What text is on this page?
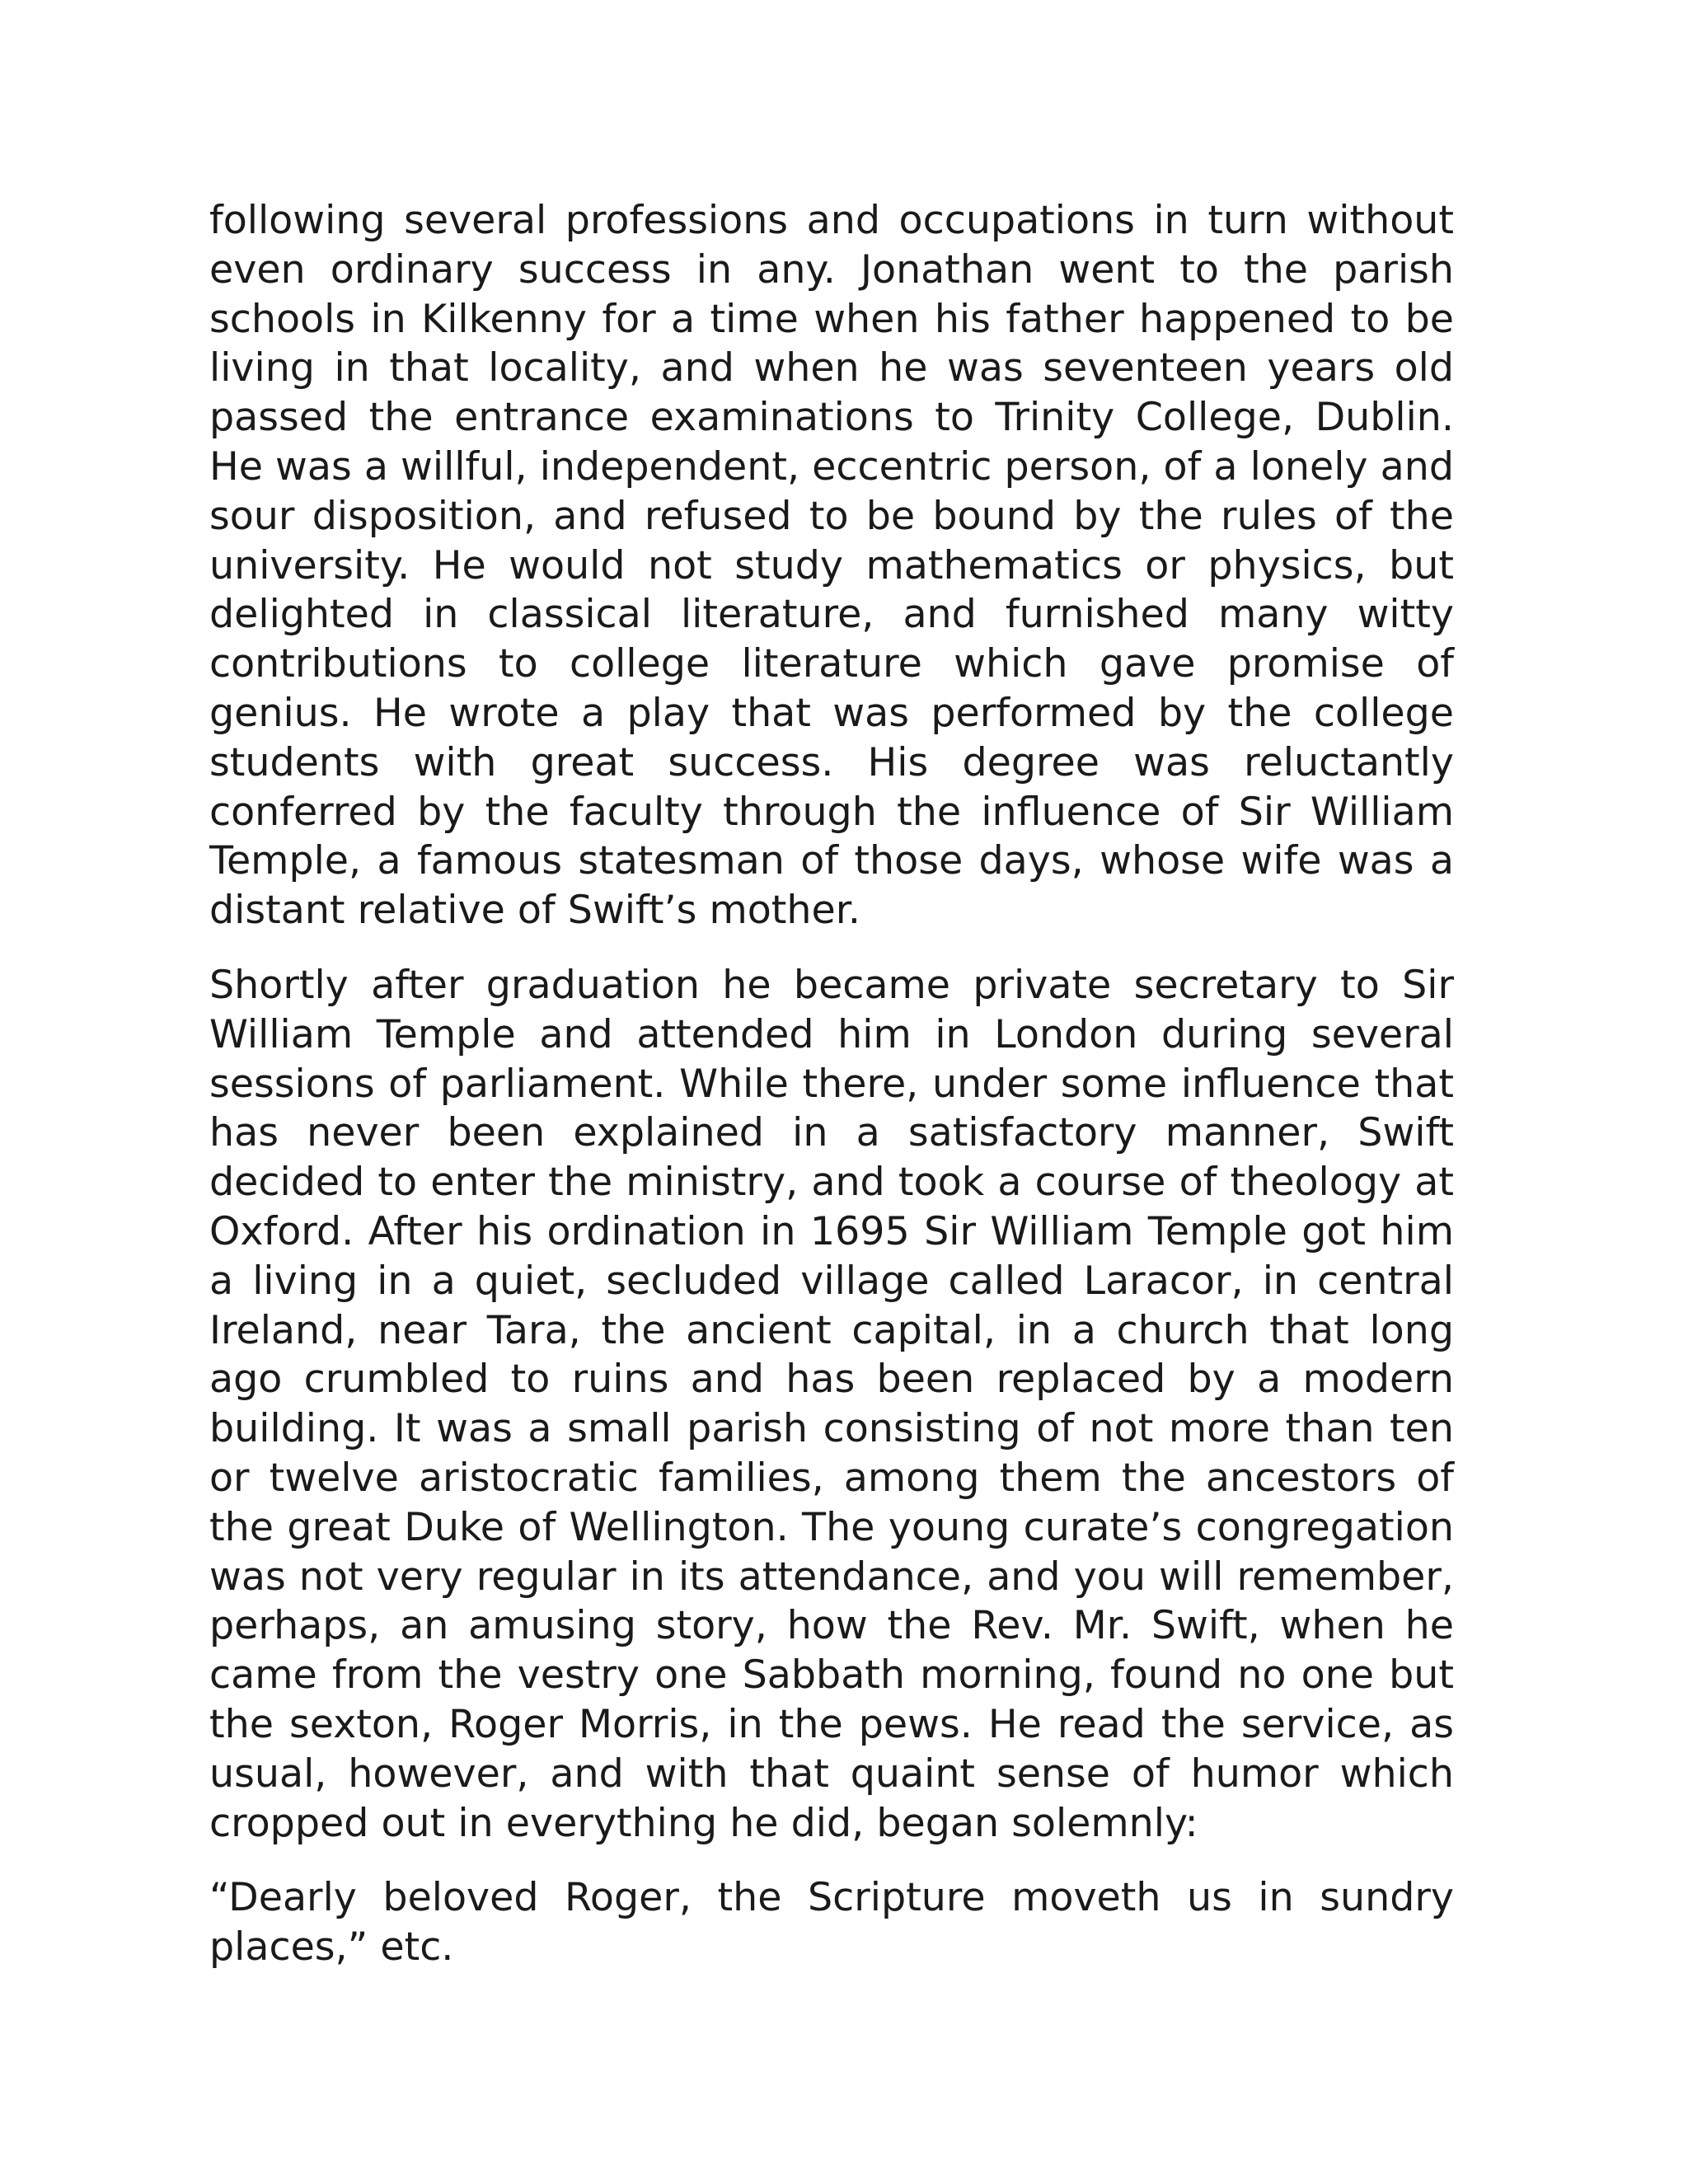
following several professions and occupations in turn without even ordinary success in any. Jonathan went to the parish schools in Kilkenny for a time when his father happened to be living in that locality, and when he was seventeen years old passed the entrance examinations to Trinity College, Dublin. He was a willful, independent, eccentric person, of a lonely and sour disposition, and refused to be bound by the rules of the university. He would not study mathematics or physics, but delighted in classical literature, and furnished many witty contributions to college literature which gave promise of genius. He wrote a play that was performed by the college students with great success. His degree was reluctantly conferred by the faculty through the influence of Sir William Temple, a famous statesman of those days, whose wife was a distant relative of Swift’s mother.

Shortly after graduation he became private secretary to Sir William Temple and attended him in London during several sessions of parliament. While there, under some influence that has never been explained in a satisfactory manner, Swift decided to enter the ministry, and took a course of theology at Oxford. After his ordination in 1695 Sir William Temple got him a living in a quiet, secluded village called Laracor, in central Ireland, near Tara, the ancient capital, in a church that long ago crumbled to ruins and has been replaced by a modern building. It was a small parish consisting of not more than ten or twelve aristocratic families, among them the ancestors of the great Duke of Wellington. The young curate’s congregation was not very regular in its attendance, and you will remember, perhaps, an amusing story, how the Rev. Mr. Swift, when he came from the vestry one Sabbath morning, found no one but the sexton, Roger Morris, in the pews. He read the service, as usual, however, and with that quaint sense of humor which cropped out in everything he did, began solemnly:

“Dearly beloved Roger, the Scripture moveth us in sundry places,” etc.
